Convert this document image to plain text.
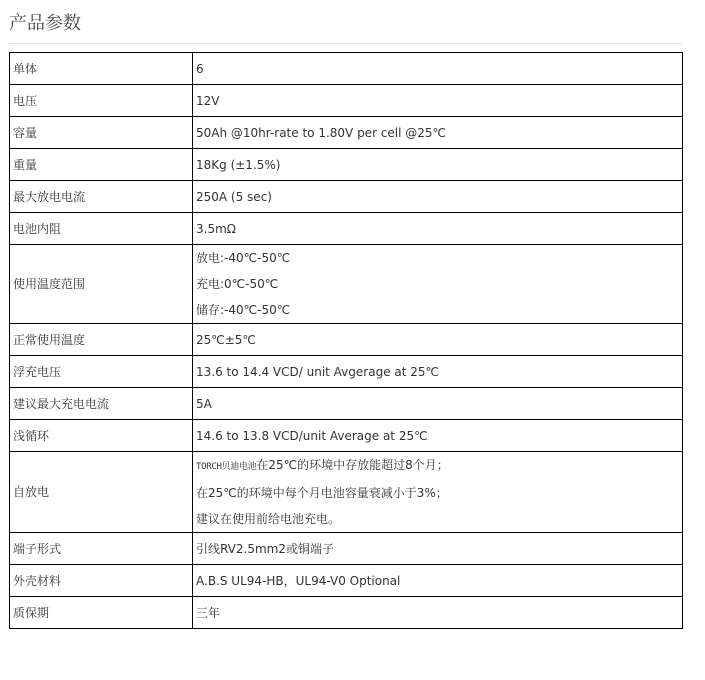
产品参数
单体	6
电压	12V
容量	50Ah @10hr-rate to 1.80V per cell @25℃
重量	18Kg (±1.5%)
最大放电电流	250A (5 sec)
电池内阻	3.5mΩ
使用温度范围	放电:-40℃-50℃
充电:0℃-50℃
储存:-40℃-50℃

正常使用温度	25℃±5℃
浮充电压	13.6 to 14.4 VCD/ unit Avgerage at 25℃
建议最大充电电流	5A
浅循环	14.6 to 13.8 VCD/unit Average at 25℃
自放电	TORCH贝迪电池在25℃的环境中存放能超过8个月；
在25℃的环境中每个月电池容量衰减小于3%；
建议在使用前给电池充电。

端子形式	引线RV2.5mm2或铜端子
外壳材料	A.B.S UL94-HB，UL94-V0 Optional
质保期	三年
